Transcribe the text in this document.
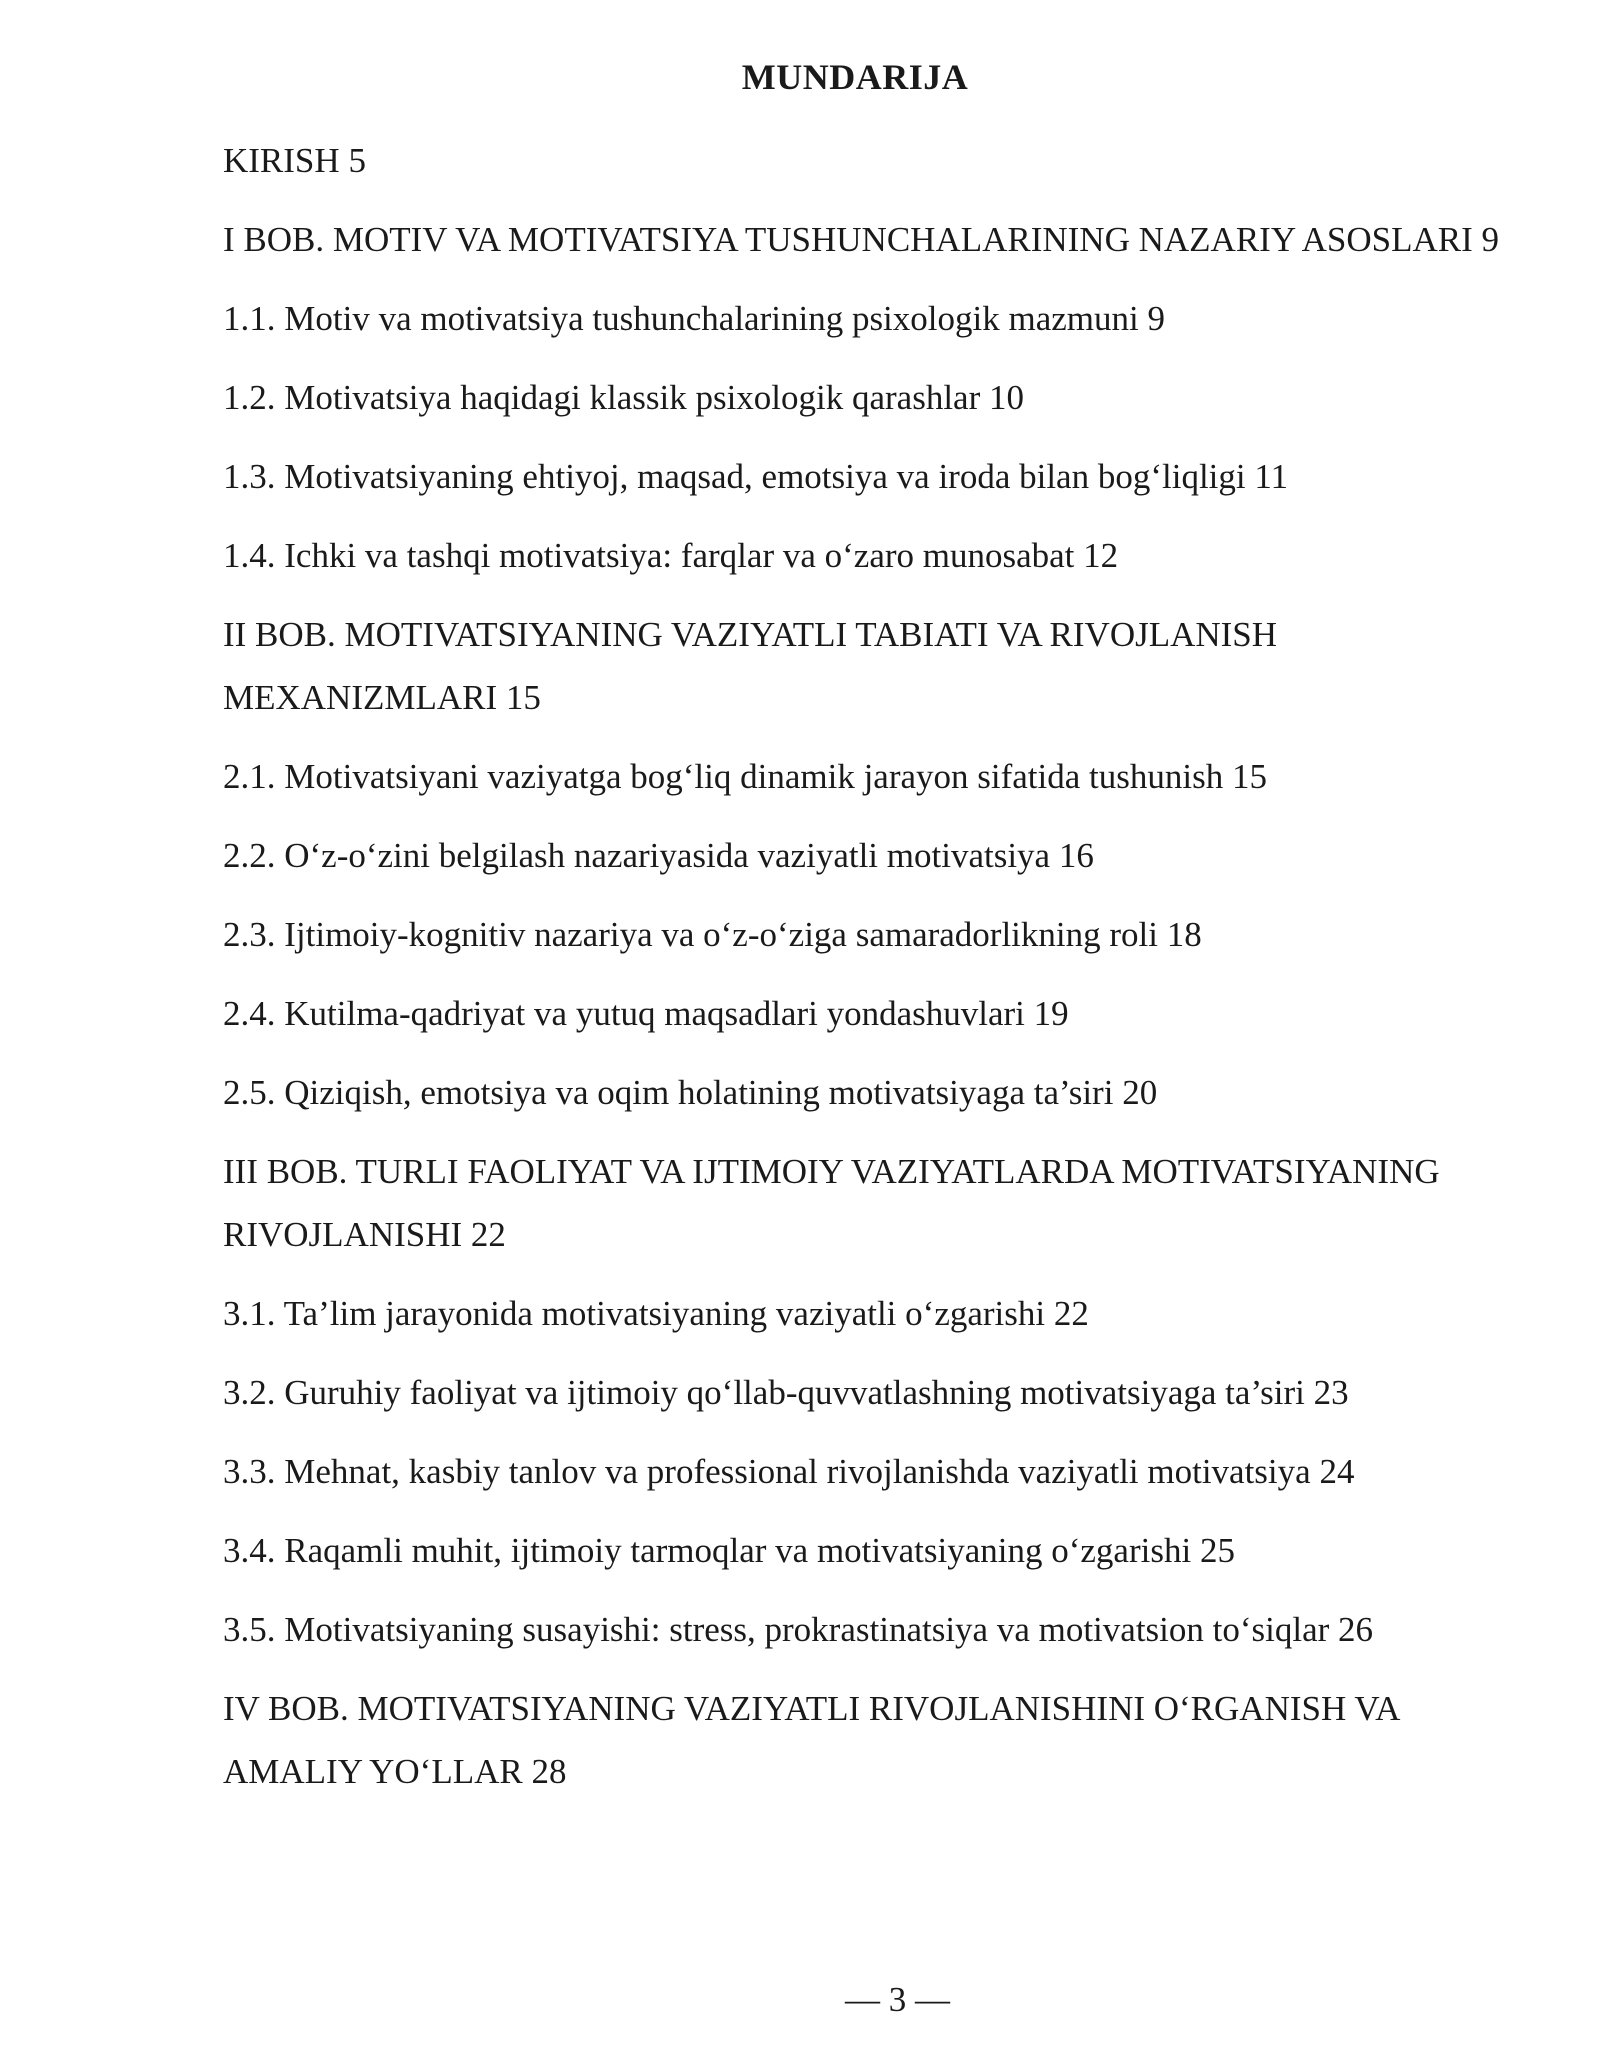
MUNDARIJA
KIRISH 5
I BOB. MOTIV VA MOTIVATSIYA TUSHUNCHALARINING NAZARIY ASOSLARI 9
1.1. Motiv va motivatsiya tushunchalarining psixologik mazmuni 9
1.2. Motivatsiya haqidagi klassik psixologik qarashlar 10
1.3. Motivatsiyaning ehtiyoj, maqsad, emotsiya va iroda bilan bog‘liqligi 11
1.4. Ichki va tashqi motivatsiya: farqlar va o‘zaro munosabat 12
II BOB. MOTIVATSIYANING VAZIYATLI TABIATI VA RIVOJLANISH MEXANIZMLARI 15
2.1. Motivatsiyani vaziyatga bog‘liq dinamik jarayon sifatida tushunish 15
2.2. O‘z-o‘zini belgilash nazariyasida vaziyatli motivatsiya 16
2.3. Ijtimoiy-kognitiv nazariya va o‘z-o‘ziga samaradorlikning roli 18
2.4. Kutilma-qadriyat va yutuq maqsadlari yondashuvlari 19
2.5. Qiziqish, emotsiya va oqim holatining motivatsiyaga ta’siri 20
III BOB. TURLI FAOLIYAT VA IJTIMOIY VAZIYATLARDA MOTIVATSIYANING RIVOJLANISHI 22
3.1. Ta’lim jarayonida motivatsiyaning vaziyatli o‘zgarishi 22
3.2. Guruhiy faoliyat va ijtimoiy qo‘llab-quvvatlashning motivatsiyaga ta’siri 23
3.3. Mehnat, kasbiy tanlov va professional rivojlanishda vaziyatli motivatsiya 24
3.4. Raqamli muhit, ijtimoiy tarmoqlar va motivatsiyaning o‘zgarishi 25
3.5. Motivatsiyaning susayishi: stress, prokrastinatsiya va motivatsion to‘siqlar 26
IV BOB. MOTIVATSIYANING VAZIYATLI RIVOJLANISHINI O‘RGANISH VA AMALIY YO‘LLAR 28
— 3 —
